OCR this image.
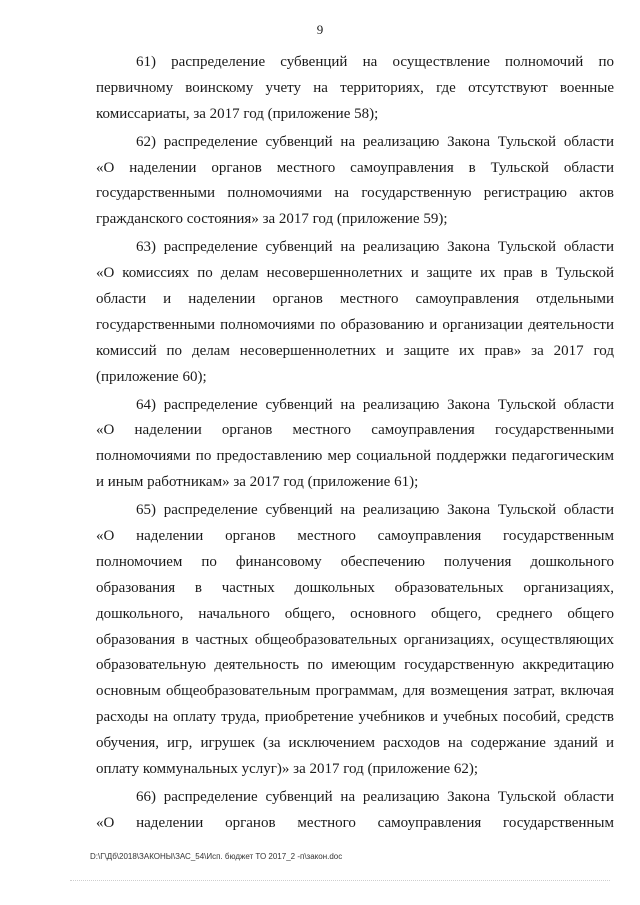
9
61) распределение субвенций на осуществление полномочий по
первичному воинскому учету на территориях, где отсутствуют военные
комиссариаты, за 2017 год (приложение 58);
62) распределение субвенций на реализацию Закона Тульской области
«О наделении органов местного самоуправления в Тульской области
государственными полномочиями на государственную регистрацию актов
гражданского состояния» за 2017 год (приложение 59);
63) распределение субвенций на реализацию Закона Тульской области
«О комиссиях по делам несовершеннолетних и защите их прав в Тульской
области и наделении органов местного самоуправления отдельными
государственными полномочиями по образованию и организации деятельности
комиссий по делам несовершеннолетних и защите их прав» за 2017 год
(приложение 60);
64) распределение субвенций на реализацию Закона Тульской области
«О наделении органов местного самоуправления государственными
полномочиями по предоставлению мер социальной поддержки педагогическим
и иным работникам» за 2017 год (приложение 61);
65) распределение субвенций на реализацию Закона Тульской области
«О наделении органов местного самоуправления государственным
полномочием по финансовому обеспечению получения дошкольного
образования в частных дошкольных образовательных организациях,
дошкольного, начального общего, основного общего, среднего общего
образования в частных общеобразовательных организациях, осуществляющих
образовательную деятельность по имеющим государственную аккредитацию
основным общеобразовательным программам, для возмещения затрат, включая
расходы на оплату труда, приобретение учебников и учебных пособий, средств
обучения, игр, игрушек (за исключением расходов на содержание зданий и
оплату коммунальных услуг)» за 2017 год (приложение 62);
66) распределение субвенций на реализацию Закона Тульской области
«О наделении органов местного самоуправления государственным
D:\Г\Дб\2018\ЗАКОНЫ\ЗАС_54\Исп. бюджет ТО 2017_2 -п\закон.doc
